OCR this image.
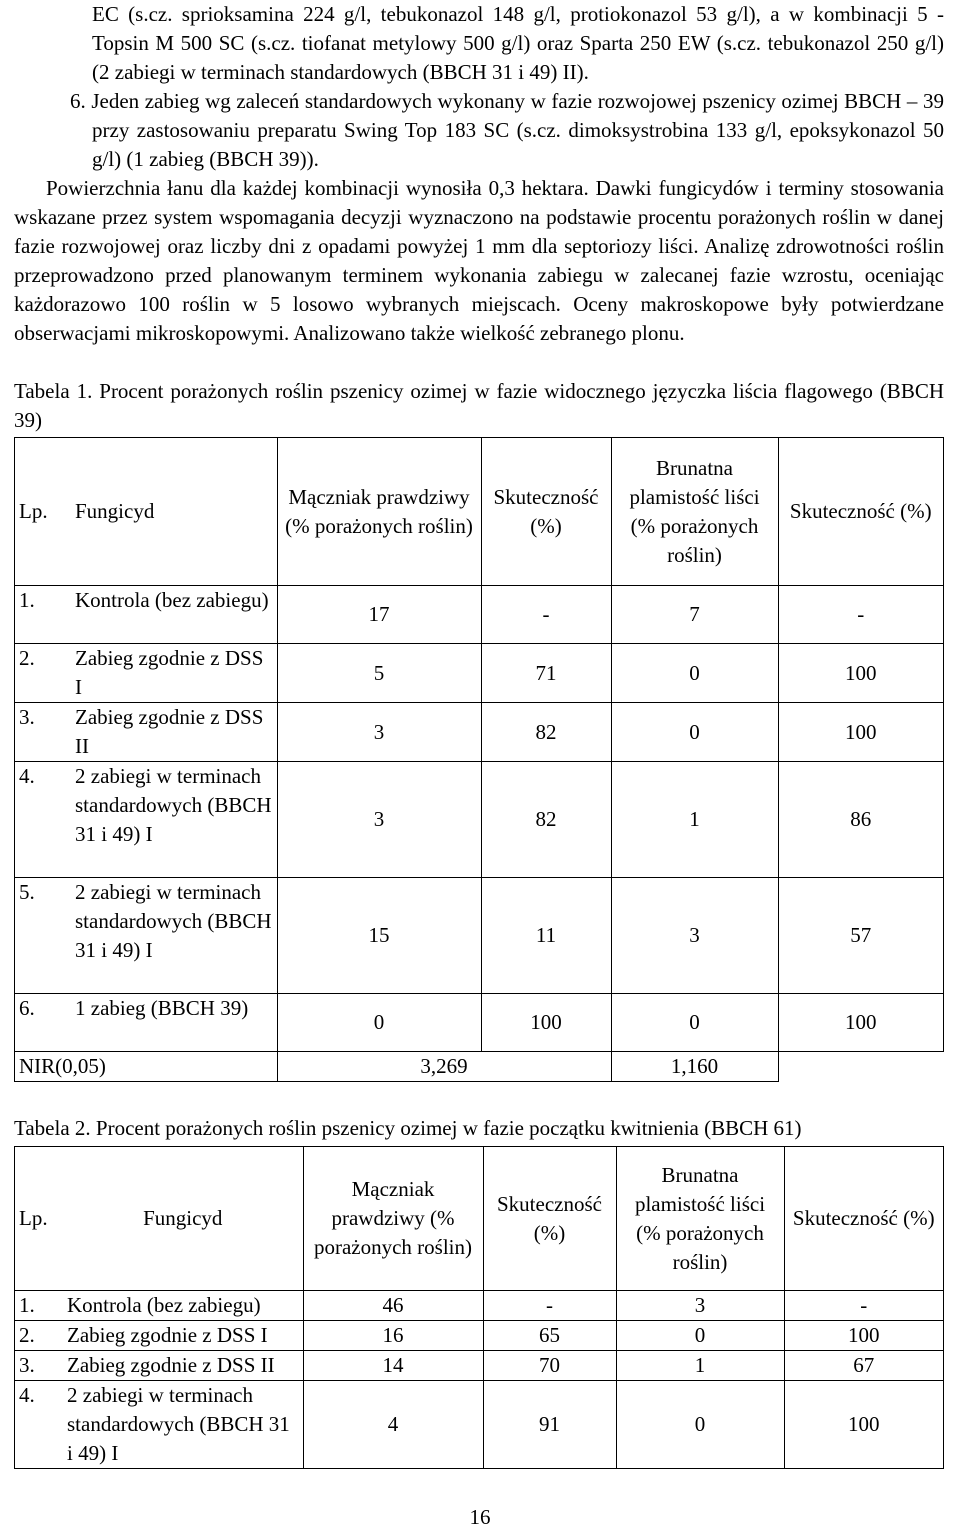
EC (s.cz. sprioksamina 224 g/l, tebukonazol 148 g/l, protiokonazol 53 g/l), a w kombinacji 5 - Topsin M 500 SC (s.cz. tiofanat metylowy 500 g/l) oraz Sparta 250 EW (s.cz. tebukonazol 250 g/l) (2 zabiegi w terminach standardowych (BBCH 31 i 49) II).

6. Jeden zabieg wg zaleceń standardowych wykonany w fazie rozwojowej pszenicy ozimej BBCH – 39 przy zastosowaniu preparatu Swing Top 183 SC (s.cz. dimoksystrobina 133 g/l, epoksykonazol 50 g/l) (1 zabieg (BBCH 39)).

Powierzchnia łanu dla każdej kombinacji wynosiła 0,3 hektara. Dawki fungicydów i terminy stosowania wskazane przez system wspomagania decyzji wyznaczono na podstawie procentu porażonych roślin w danej fazie rozwojowej oraz liczby dni z opadami powyżej 1 mm dla septoriozy liści. Analizę zdrowotności roślin przeprowadzono przed planowanym terminem wykonania zabiegu w zalecanej fazie wzrostu, oceniając każdorazowo 100 roślin w 5 losowo wybranych miejscach. Oceny makroskopowe były potwierdzane obserwacjami mikroskopowymi. Analizowano także wielkość zebranego plonu.

Tabela 1. Procent porażonych roślin pszenicy ozimej w fazie widocznego języczka liścia flagowego (BBCH 39)

Lp.	Fungicyd	Mączniak prawdziwy (% porażonych roślin)	Skuteczność (%)	Brunatna plamistość liści (% porażonych roślin)	Skuteczność (%)
1.	Kontrola (bez zabiegu)	17	-	7	-
2.	Zabieg zgodnie z DSS I	5	71	0	100
3.	Zabieg zgodnie z DSS II	3	82	0	100
4.	2 zabiegi w terminach standardowych (BBCH 31 i 49) I	3	82	1	86
5.	2 zabiegi w terminach standardowych (BBCH 31 i 49) I	15	11	3	57
6.	1 zabieg (BBCH 39)	0	100	0	100
NIR(0,05)		3,269		1,160	

Tabela 2. Procent porażonych roślin pszenicy ozimej w fazie początku kwitnienia (BBCH 61)

Lp.	Fungicyd	Mączniak prawdziwy (% porażonych roślin)	Skuteczność (%)	Brunatna plamistość liści (% porażonych roślin)	Skuteczność (%)
1.	Kontrola (bez zabiegu)	46	-	3	-
2.	Zabieg zgodnie z DSS I	16	65	0	100
3.	Zabieg zgodnie z DSS II	14	70	1	67
4.	2 zabiegi w terminach standardowych (BBCH 31 i 49) I	4	91	0	100
16
